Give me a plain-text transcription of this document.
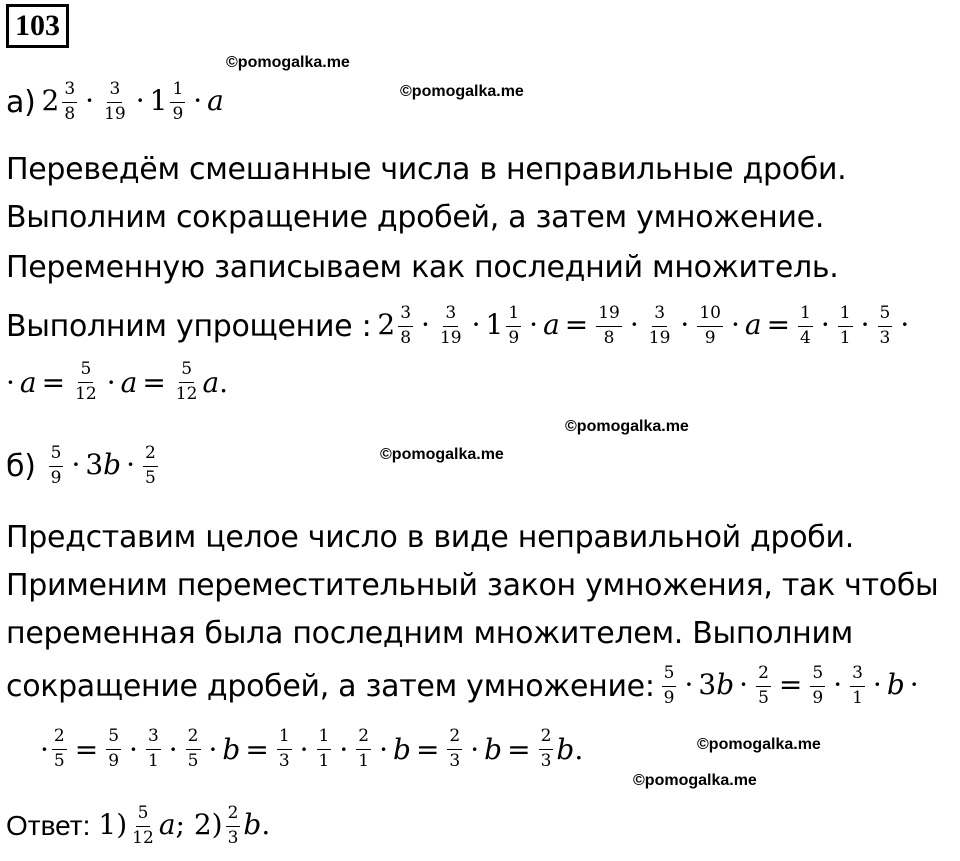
103
©pomogalka.me
©pomogalka.me
©pomogalka.me
©pomogalka.me
©pomogalka.me
©pomogalka.me
а) $2 \frac{3}{8} \cdot \frac{3}{19} \cdot 1 \frac{1}{9} \cdot a$
Переведём смешанные числа в неправильные дроби.
Выполним сокращение дробей, а затем умножение.
Переменную записываем как последний множитель.
Выполним упрощение : $2 \frac{3}{8} \cdot \frac{3}{19} \cdot 1 \frac{1}{9} \cdot a = \frac{19}{8} \cdot \frac{3}{19} \cdot \frac{10}{9} \cdot a = \frac{1}{4} \cdot \frac{1}{1} \cdot \frac{5}{3}$ ·
· $a = \frac{5}{12} \cdot a = \frac{5}{12}$ a .
$б) \frac{5}{9} \cdot 3b \cdot \frac{2}{5}$
Представим целое число в виде неправильной дроби.
Применим переместительный закон умножения, так чтобы
переменная была последним множителем. Выполним
сокращение дробей, а затем умножение: $\frac{5}{9} \cdot 3b \cdot \frac{2}{5} = \frac{5}{9} \cdot \frac{3}{1} \cdot b$ ·
· $\frac{2}{5} = \frac{5}{9} \cdot \frac{3}{1} \cdot \frac{2}{5} \cdot b = \frac{1}{3} \cdot \frac{1}{1} \cdot \frac{2}{1} \cdot b = \frac{2}{3} \cdot b = \frac{2}{3}$ b .
Ответ: $1) \frac{5}{12} a$; $2) \frac{2}{3} b$.
